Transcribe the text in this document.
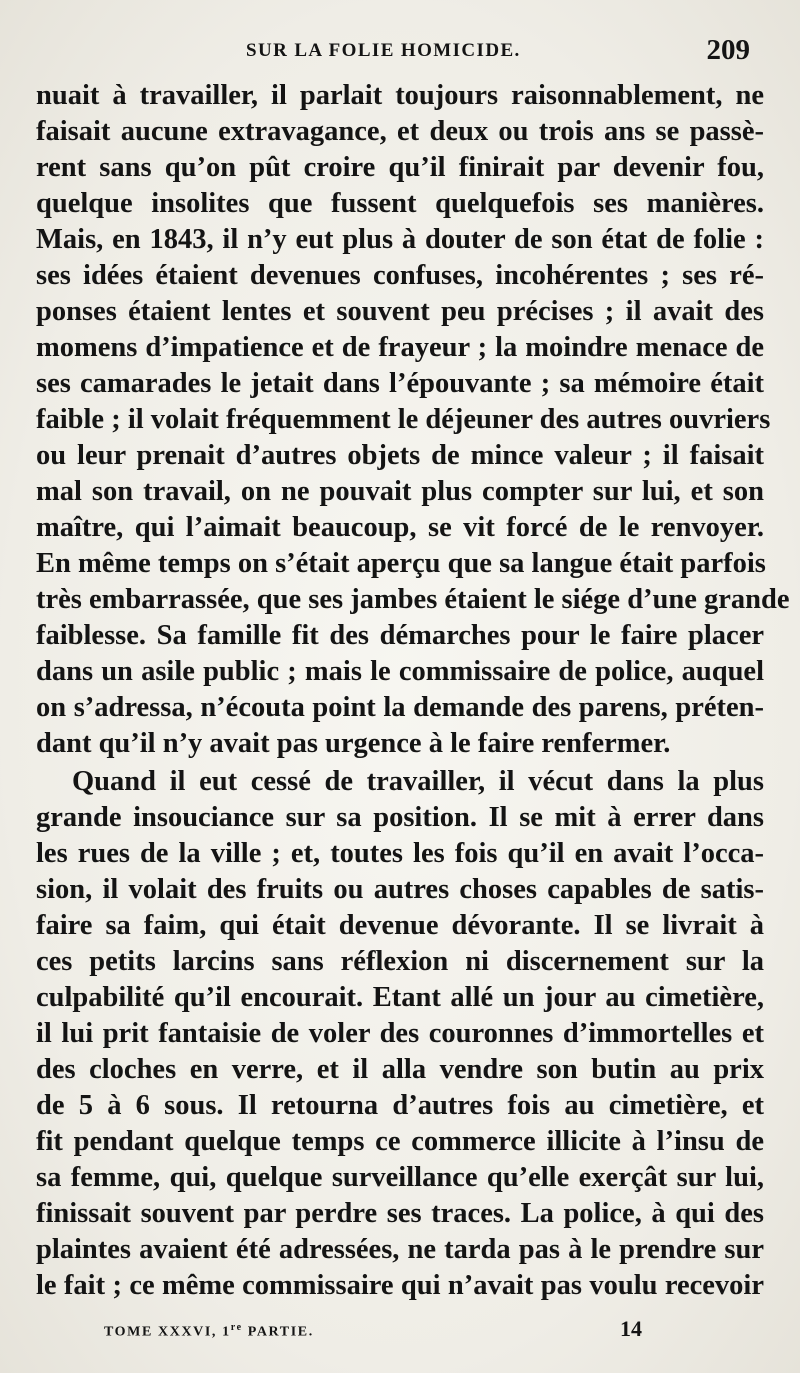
SUR LA FOLIE HOMICIDE.	209
nuait à travailler, il parlait toujours raisonnablement, ne
faisait aucune extravagance, et deux ou trois ans se passè-
rent sans qu’on pût croire qu’il finirait par devenir fou,
quelque insolites que fussent quelquefois ses manières.
Mais, en 1843, il n’y eut plus à douter de son état de folie :
ses idées étaient devenues confuses, incohérentes ; ses ré-
ponses étaient lentes et souvent peu précises ; il avait des
momens d’impatience et de frayeur ; la moindre menace de
ses camarades le jetait dans l’épouvante ; sa mémoire était
faible ; il volait fréquemment le déjeuner des autres ouvriers
ou leur prenait d’autres objets de mince valeur ; il faisait
mal son travail, on ne pouvait plus compter sur lui, et son
maître, qui l’aimait beaucoup, se vit forcé de le renvoyer.
En même temps on s’était aperçu que sa langue était parfois
très embarrassée, que ses jambes étaient le siége d’une grande
faiblesse. Sa famille fit des démarches pour le faire placer
dans un asile public ; mais le commissaire de police, auquel
on s’adressa, n’écouta point la demande des parens, préten-
dant qu’il n’y avait pas urgence à le faire renfermer.
Quand il eut cessé de travailler, il vécut dans la plus
grande insouciance sur sa position. Il se mit à errer dans
les rues de la ville ; et, toutes les fois qu’il en avait l’occa-
sion, il volait des fruits ou autres choses capables de satis-
faire sa faim, qui était devenue dévorante. Il se livrait à
ces petits larcins sans réflexion ni discernement sur la
culpabilité qu’il encourait. Etant allé un jour au cimetière,
il lui prit fantaisie de voler des couronnes d’immortelles et
des cloches en verre, et il alla vendre son butin au prix
de 5 à 6 sous. Il retourna d’autres fois au cimetière, et
fit pendant quelque temps ce commerce illicite à l’insu de
sa femme, qui, quelque surveillance qu’elle exerçât sur lui,
finissait souvent par perdre ses traces. La police, à qui des
plaintes avaient été adressées, ne tarda pas à le prendre sur
le fait ; ce même commissaire qui n’avait pas voulu recevoir
TOME XXXVI, 1re PARTIE.	14
